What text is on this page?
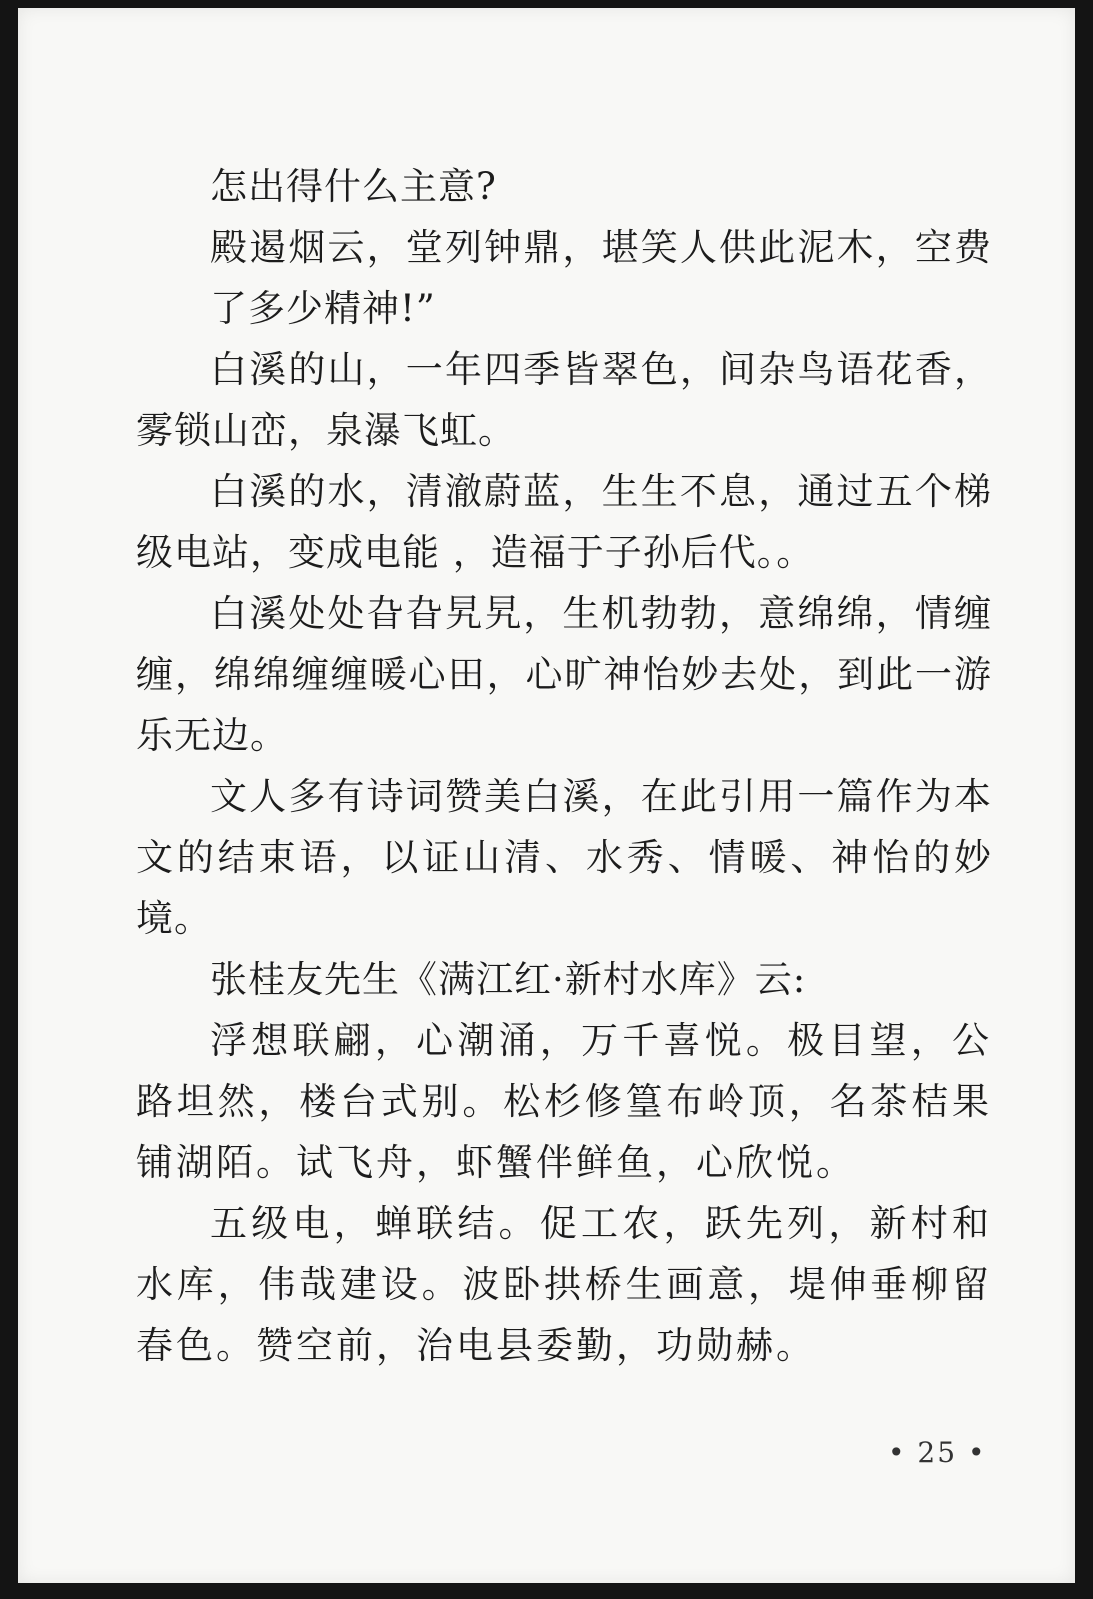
怎出得什么主意?

殿遏烟云，堂列钟鼎，堪笑人供此泥木，空费了多少精神!”

白溪的山，一年四季皆翠色，间杂鸟语花香，雾锁山峦，泉瀑飞虹。

白溪的水，清澈蔚蓝，生生不息，通过五个梯级电站，变成电能 ，造福于子孙后代。。

白溪处处旮旮旯旯，生机勃勃，意绵绵，情缠缠，绵绵缠缠暖心田，心旷神怡妙去处，到此一游乐无边。

文人多有诗词赞美白溪，在此引用一篇作为本文的结束语，以证山清、水秀、情暖、神怡的妙境。

张桂友先生《满江红·新村水库》云:

浮想联翩，心潮涌，万千喜悦。极目望，公路坦然，楼台式别。松杉修篁布岭顶，名茶桔果铺湖陌。试飞舟，虾蟹伴鲜鱼，心欣悦。

五级电，蝉联结。促工农，跃先列，新村和水库，伟哉建设。波卧拱桥生画意，堤伸垂柳留春色。赞空前，治电县委勤，功勋赫。

• 25 •
